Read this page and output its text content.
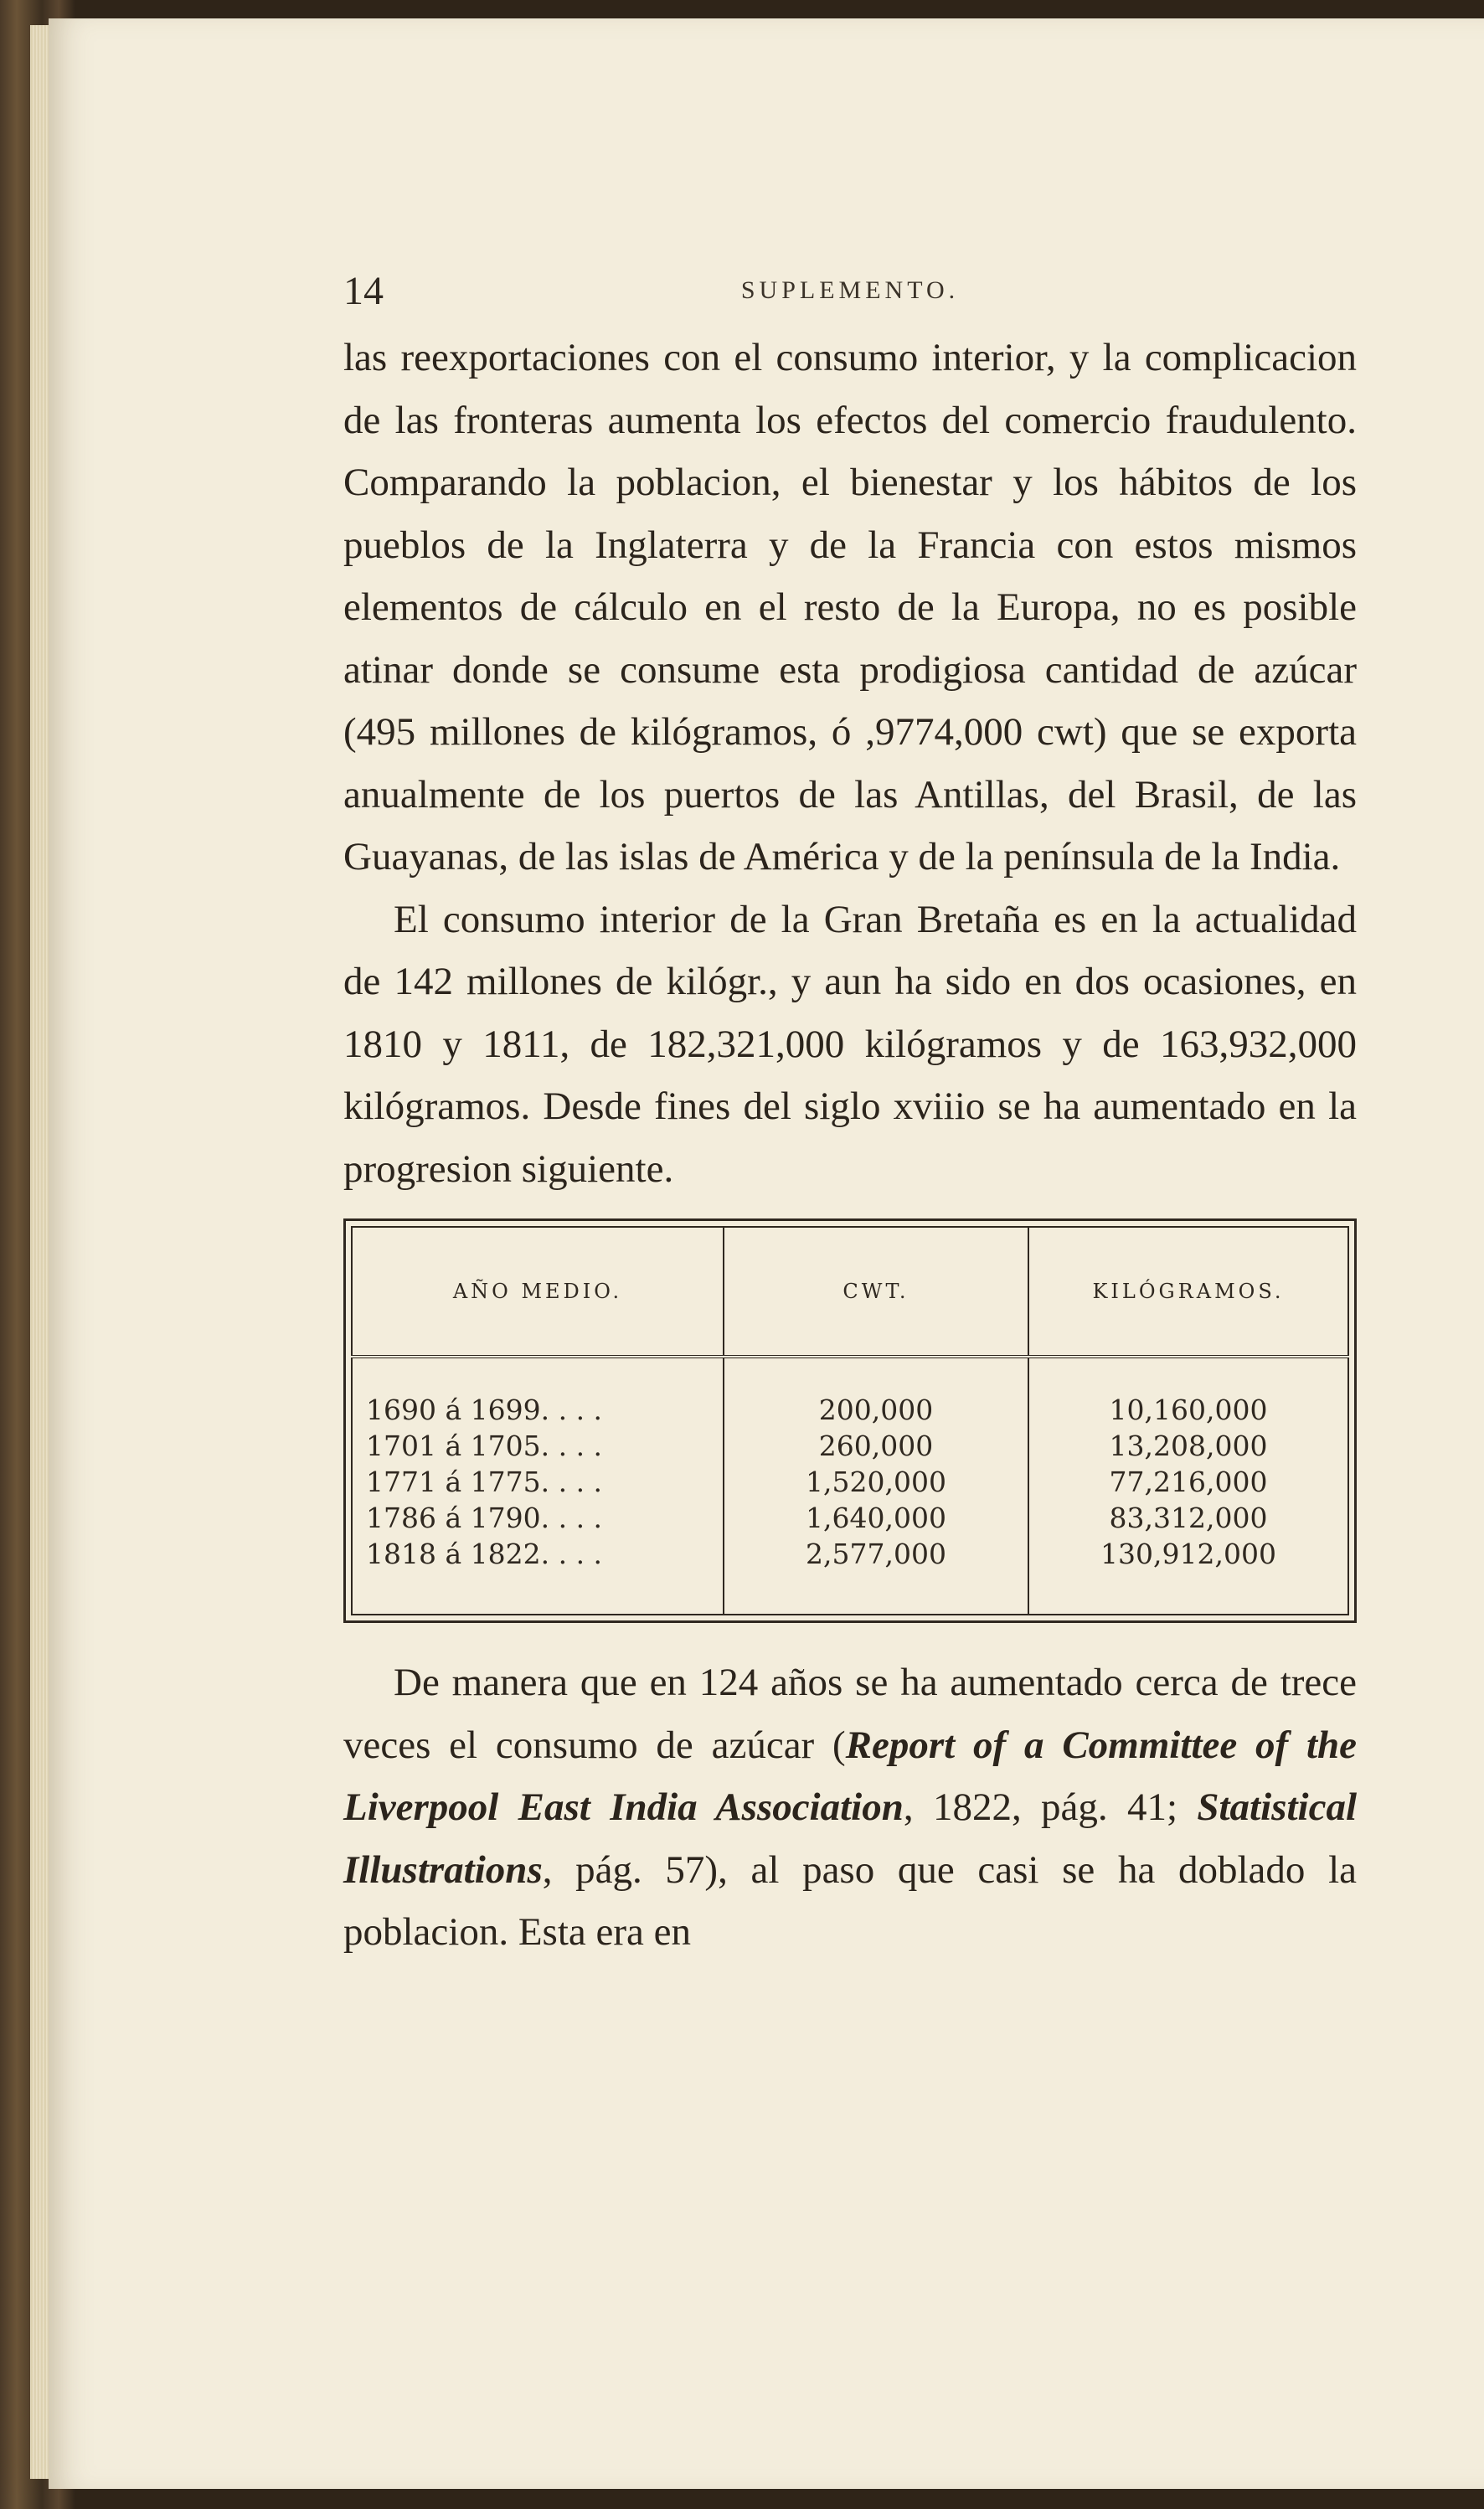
14	SUPLEMENTO.

las reexportaciones con el consumo interior, y la complicacion de las fronteras aumenta los efectos del comercio fraudulento. Comparando la poblacion, el bienestar y los hábitos de los pueblos de la Inglaterra y de la Francia con estos mismos elementos de cálculo en el resto de la Europa, no es posible atinar donde se consume esta prodigiosa cantidad de azúcar (495 millones de kilógramos, ó ,9774,000 cwt) que se exporta anualmente de los puertos de las Antillas, del Brasil, de las Guayanas, de las islas de América y de la península de la India.

El consumo interior de la Gran Bretaña es en la actualidad de 142 millones de kilógr., y aun ha sido en dos ocasiones, en 1810 y 1811, de 182,321,000 kilógramos y de 163,932,000 kilógramos. Desde fines del siglo xviiio se ha aumentado en la progresion siguiente.

AÑO MEDIO.	CWT.	KILÓGRAMOS.
1690 á 1699. . . .	200,000	10,160,000
1701 á 1705. . . .	260,000	13,208,000
1771 á 1775. . . .	1,520,000	77,216,000
1786 á 1790. . . .	1,640,000	83,312,000
1818 á 1822. . . .	2,577,000	130,912,000

De manera que en 124 años se ha aumentado cerca de trece veces el consumo de azúcar (Report of a Committee of the Liverpool East India Association, 1822, pág. 41; Statistical Illustrations, pág. 57), al paso que casi se ha doblado la poblacion. Esta era en
